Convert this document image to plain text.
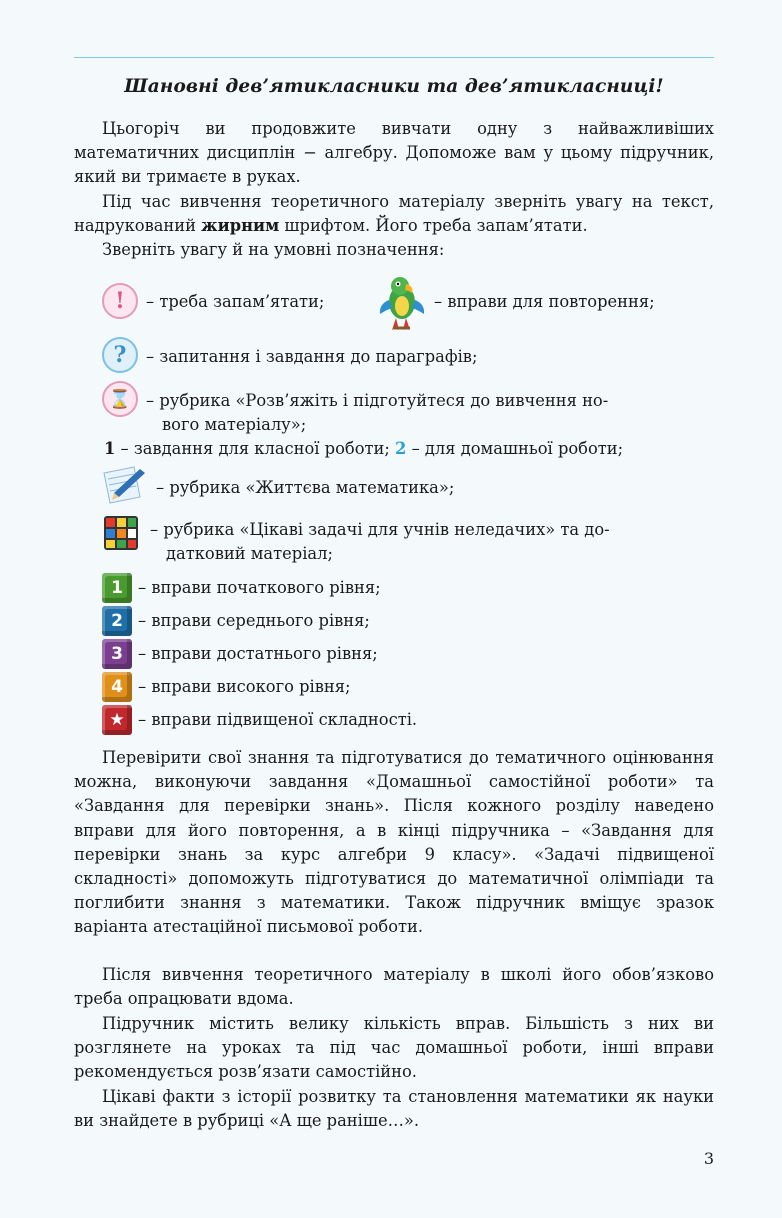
Шановні дев’ятикласники та дев’ятикласниці!
Цьогоріч ви продовжите вивчати одну з найважливіших математичних дисциплін − алгебру. Допоможе вам у цьому підручник, який ви тримаєте в руках.
Під час вивчення теоретичного матеріалу зверніть увагу на текст, надрукований жирним шрифтом. Його треба запам’ятати.
Зверніть увагу й на умовні позначення:
!	– треба запам’ятати;	– вправи для повторення;
?	– запитання і завдання до параграфів;
⌛ – рубрика «Розв’яжіть і підготуйтеся до вивчення но-
вого матеріалу»;
1 – завдання для класної роботи; 2 – для домашньої роботи;
– рубрика «Життєва математика»;
– рубрика «Цікаві задачі для учнів неледачих» та до-
датковий матеріал;
1 – вправи початкового рівня;
2 – вправи середнього рівня;
3 – вправи достатнього рівня;
4 – вправи високого рівня;
★ – вправи підвищеної складності.
Перевірити свої знання та підготуватися до тематичного оцінювання можна, виконуючи завдання «Домашньої самостійної роботи» та «Завдання для перевірки знань». Після кожного розділу наведено вправи для його повторення, а в кінці підручника – «Завдання для перевірки знань за курс алгебри 9 класу». «Задачі підвищеної складності» допоможуть підготуватися до математичної олімпіади та поглибити знання з математики. Також підручник вміщує зразок варіанта атестаційної письмової роботи.
Після вивчення теоретичного матеріалу в школі його обов’язково треба опрацювати вдома.
Підручник містить велику кількість вправ. Більшість з них ви розглянете на уроках та під час домашньої роботи, інші вправи рекомендується розв’язати самостійно.
Цікаві факти з історії розвитку та становлення математики як науки ви знайдете в рубриці «А ще раніше…».
3
